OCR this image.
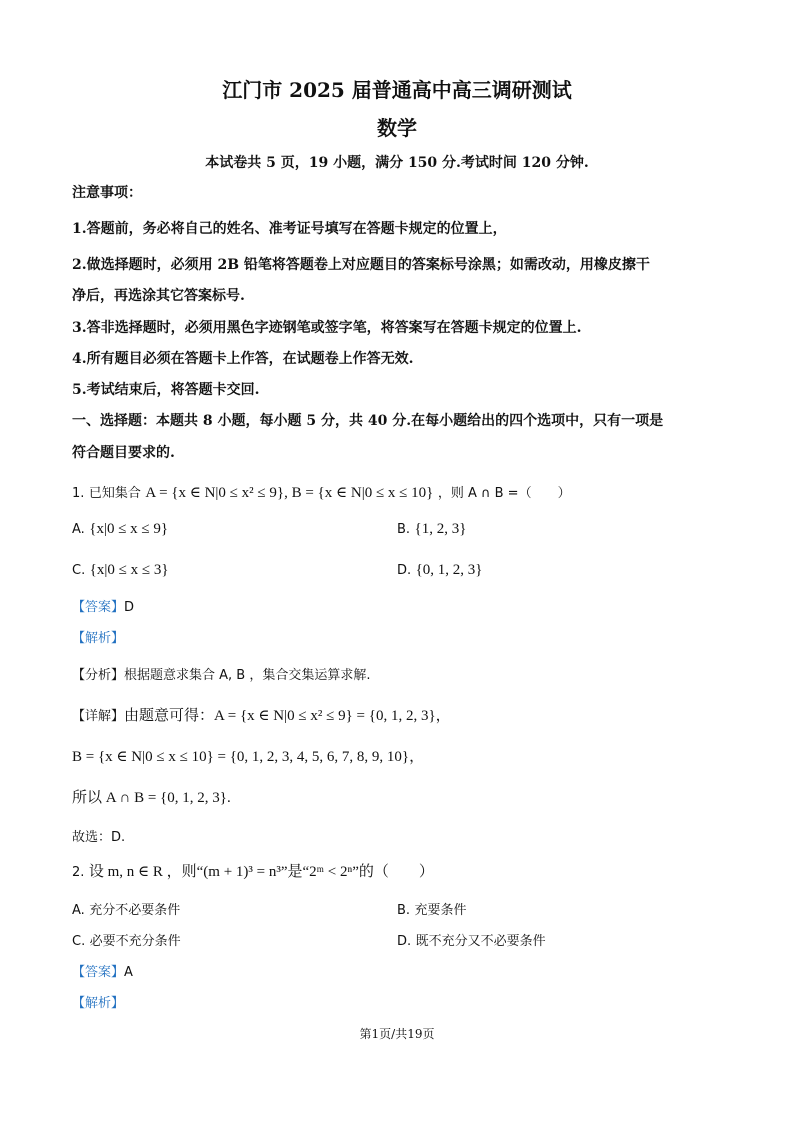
江门市 2025 届普通高中高三调研测试
数学
本试卷共 5 页，19 小题，满分 150 分.考试时间 120 分钟.
注意事项：
1.答题前，务必将自己的姓名、准考证号填写在答题卡规定的位置上，
2.做选择题时，必须用 2B 铅笔将答题卷上对应题目的答案标号涂黑；如需改动，用橡皮擦干
净后，再选涂其它答案标号.
3.答非选择题时，必须用黑色字迹钢笔或签字笔，将答案写在答题卡规定的位置上.
4.所有题目必须在答题卡上作答，在试题卷上作答无效.
5.考试结束后，将答题卡交回.
一、选择题：本题共 8 小题，每小题 5 分，共 40 分.在每小题给出的四个选项中，只有一项是
符合题目要求的.
1. 已知集合 A = {x ∈ N|0 ≤ x² ≤ 9}, B = {x ∈ N|0 ≤ x ≤ 10} ，则 A ∩ B =（　　）
A. {x|0 ≤ x ≤ 9}	B. {1, 2, 3}
C. {x|0 ≤ x ≤ 3}	D. {0, 1, 2, 3}
【答案】D
【解析】
【分析】根据题意求集合 A, B ，集合交集运算求解.
【详解】由题意可得：A = {x ∈ N|0 ≤ x² ≤ 9} = {0, 1, 2, 3}，
B = {x ∈ N|0 ≤ x ≤ 10} = {0, 1, 2, 3, 4, 5, 6, 7, 8, 9, 10}，
所以 A ∩ B = {0, 1, 2, 3}.
故选：D.
2. 设 m, n ∈ R ，则“(m + 1)³ = n³”是“2ᵐ < 2ⁿ”的（　　）
A. 充分不必要条件	B. 充要条件
C. 必要不充分条件	D. 既不充分又不必要条件
【答案】A
【解析】
第1页/共19页
